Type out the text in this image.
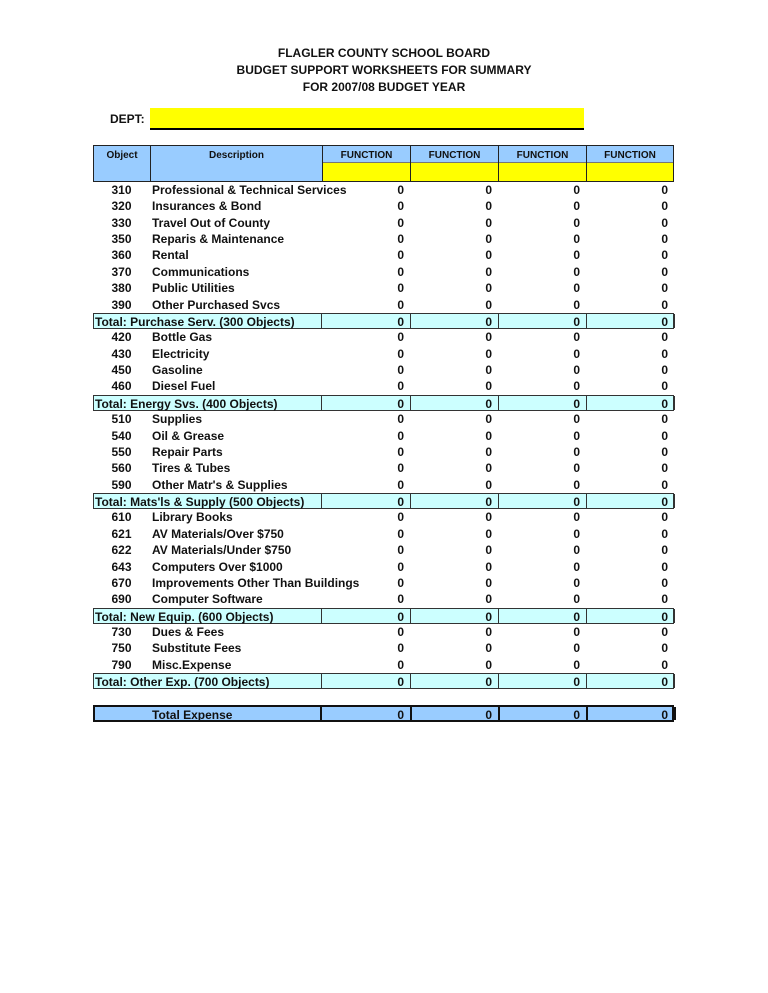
FLAGLER COUNTY SCHOOL BOARD
BUDGET SUPPORT WORKSHEETS FOR SUMMARY
FOR 2007/08 BUDGET YEAR
DEPT:
Object	Description	FUNCTION	FUNCTION	FUNCTION	FUNCTION
310	Professional & Technical Services	0	0	0	0
320	Insurances & Bond	0	0	0	0
330	Travel Out of County	0	0	0	0
350	Reparis & Maintenance	0	0	0	0
360	Rental	0	0	0	0
370	Communications	0	0	0	0
380	Public Utilities	0	0	0	0
390	Other Purchased Svcs	0	0	0	0
Total: Purchase Serv. (300 Objects)	0	0	0	0
420	Bottle Gas	0	0	0	0
430	Electricity	0	0	0	0
450	Gasoline	0	0	0	0
460	Diesel Fuel	0	0	0	0
Total: Energy Svs. (400 Objects)	0	0	0	0
510	Supplies	0	0	0	0
540	Oil & Grease	0	0	0	0
550	Repair Parts	0	0	0	0
560	Tires & Tubes	0	0	0	0
590	Other Matr's & Supplies	0	0	0	0
Total: Mats'ls & Supply (500 Objects)	0	0	0	0
610	Library Books	0	0	0	0
621	AV Materials/Over $750	0	0	0	0
622	AV Materials/Under $750	0	0	0	0
643	Computers Over $1000	0	0	0	0
670	Improvements Other Than Buildings	0	0	0	0
690	Computer Software	0	0	0	0
Total: New Equip. (600 Objects)	0	0	0	0
730	Dues & Fees	0	0	0	0
750	Substitute Fees	0	0	0	0
790	Misc.Expense	0	0	0	0
Total: Other Exp. (700 Objects)	0	0	0	0
Total Expense	0	0	0	0
